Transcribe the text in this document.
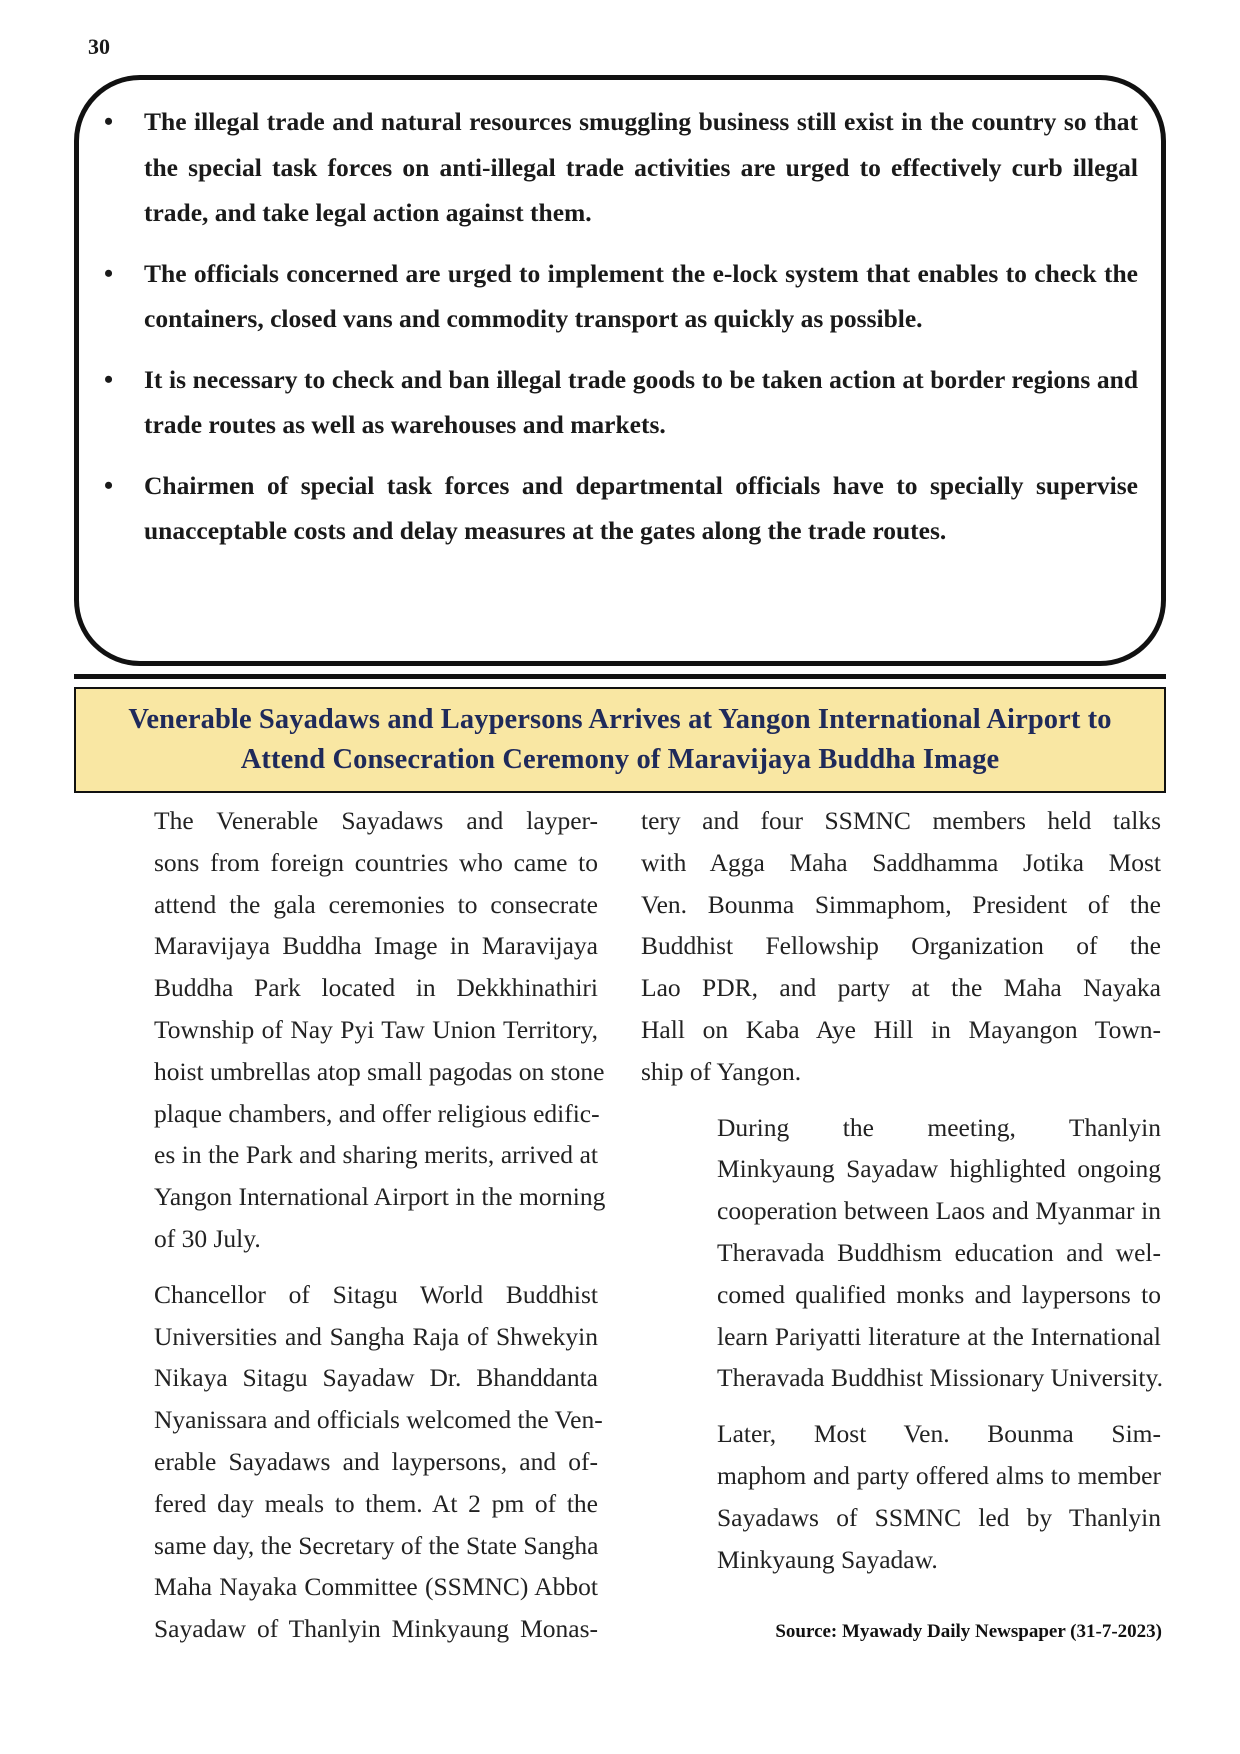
30
• The illegal trade and natural resources smuggling business still exist in the country so that the special task forces on anti-illegal trade activities are urged to effectively curb illegal trade, and take legal action against them.
• The officials concerned are urged to implement the e-lock system that enables to check the containers, closed vans and commodity transport as quickly as possible.
• It is necessary to check and ban illegal trade goods to be taken action at border regions and trade routes as well as warehouses and markets.
• Chairmen of special task forces and departmental officials have to specially supervise unacceptable costs and delay measures at the gates along the trade routes.
Venerable Sayadaws and Laypersons Arrives at Yangon International Airport to
Attend Consecration Ceremony of Maravijaya Buddha Image

The Venerable Sayadaws and layper-
sons from foreign countries who came to
attend the gala ceremonies to consecrate
Maravijaya Buddha Image in Maravijaya
Buddha Park located in Dekkhinathiri
Township of Nay Pyi Taw Union Territory,
hoist umbrellas atop small pagodas on stone
plaque chambers, and offer religious edific-
es in the Park and sharing merits, arrived at
Yangon International Airport in the morning
of 30 July.

Chancellor of Sitagu World Buddhist
Universities and Sangha Raja of Shwekyin
Nikaya Sitagu Sayadaw Dr. Bhanddanta
Nyanissara and officials welcomed the Ven-
erable Sayadaws and laypersons, and of-
fered day meals to them. At 2 pm of the
same day, the Secretary of the State Sangha
Maha Nayaka Committee (SSMNC) Abbot
Sayadaw of Thanlyin Minkyaung Monas-

tery and four SSMNC members held talks
with Agga Maha Saddhamma Jotika Most
Ven. Bounma Simmaphom, President of the
Buddhist Fellowship Organization of the
Lao PDR, and party at the Maha Nayaka
Hall on Kaba Aye Hill in Mayangon Town-
ship of Yangon.

During the meeting, Thanlyin
Minkyaung Sayadaw highlighted ongoing
cooperation between Laos and Myanmar in
Theravada Buddhism education and wel-
comed qualified monks and laypersons to
learn Pariyatti literature at the International
Theravada Buddhist Missionary University.

Later, Most Ven. Bounma Sim-
maphom and party offered alms to member
Sayadaws of SSMNC led by Thanlyin
Minkyaung Sayadaw.

Source: Myawady Daily Newspaper (31-7-2023)
